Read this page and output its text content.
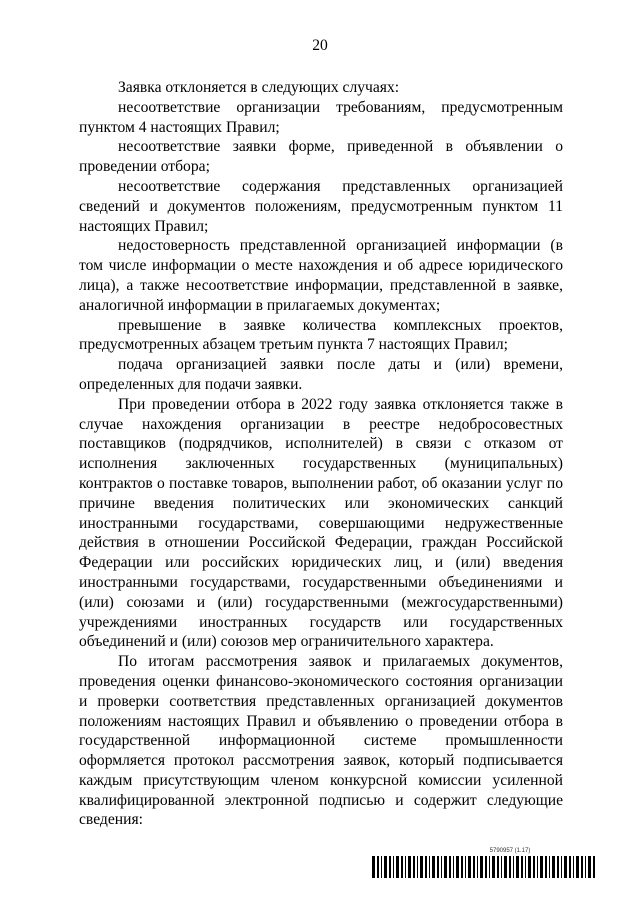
20

Заявка отклоняется в следующих случаях:

несоответствие организации требованиям, предусмотренным пунктом 4 настоящих Правил;

несоответствие заявки форме, приведенной в объявлении о проведении отбора;

несоответствие содержания представленных организацией сведений и документов положениям, предусмотренным пунктом 11 настоящих Правил;

недостоверность представленной организацией информации (в том числе информации о месте нахождения и об адресе юридического лица), а также несоответствие информации, представленной в заявке, аналогичной информации в прилагаемых документах;

превышение в заявке количества комплексных проектов, предусмотренных абзацем третьим пункта 7 настоящих Правил;

подача организацией заявки после даты и (или) времени, определенных для подачи заявки.

При проведении отбора в 2022 году заявка отклоняется также в случае нахождения организации в реестре недобросовестных поставщиков (подрядчиков, исполнителей) в связи с отказом от исполнения заключенных государственных (муниципальных) контрактов о поставке товаров, выполнении работ, об оказании услуг по причине введения политических или экономических санкций иностранными государствами, совершающими недружественные действия в отношении Российской Федерации, граждан Российской Федерации или российских юридических лиц, и (или) введения иностранными государствами, государственными объединениями и (или) союзами и (или) государственными (межгосударственными) учреждениями иностранных государств или государственных объединений и (или) союзов мер ограничительного характера.

По итогам рассмотрения заявок и прилагаемых документов, проведения оценки финансово-экономического состояния организации и проверки соответствия представленных организацией документов положениям настоящих Правил и объявлению о проведении отбора в государственной информационной системе промышленности оформляется протокол рассмотрения заявок, который подписывается каждым присутствующим членом конкурсной комиссии усиленной квалифицированной электронной подписью и содержит следующие сведения:

5790957 (1.17)
